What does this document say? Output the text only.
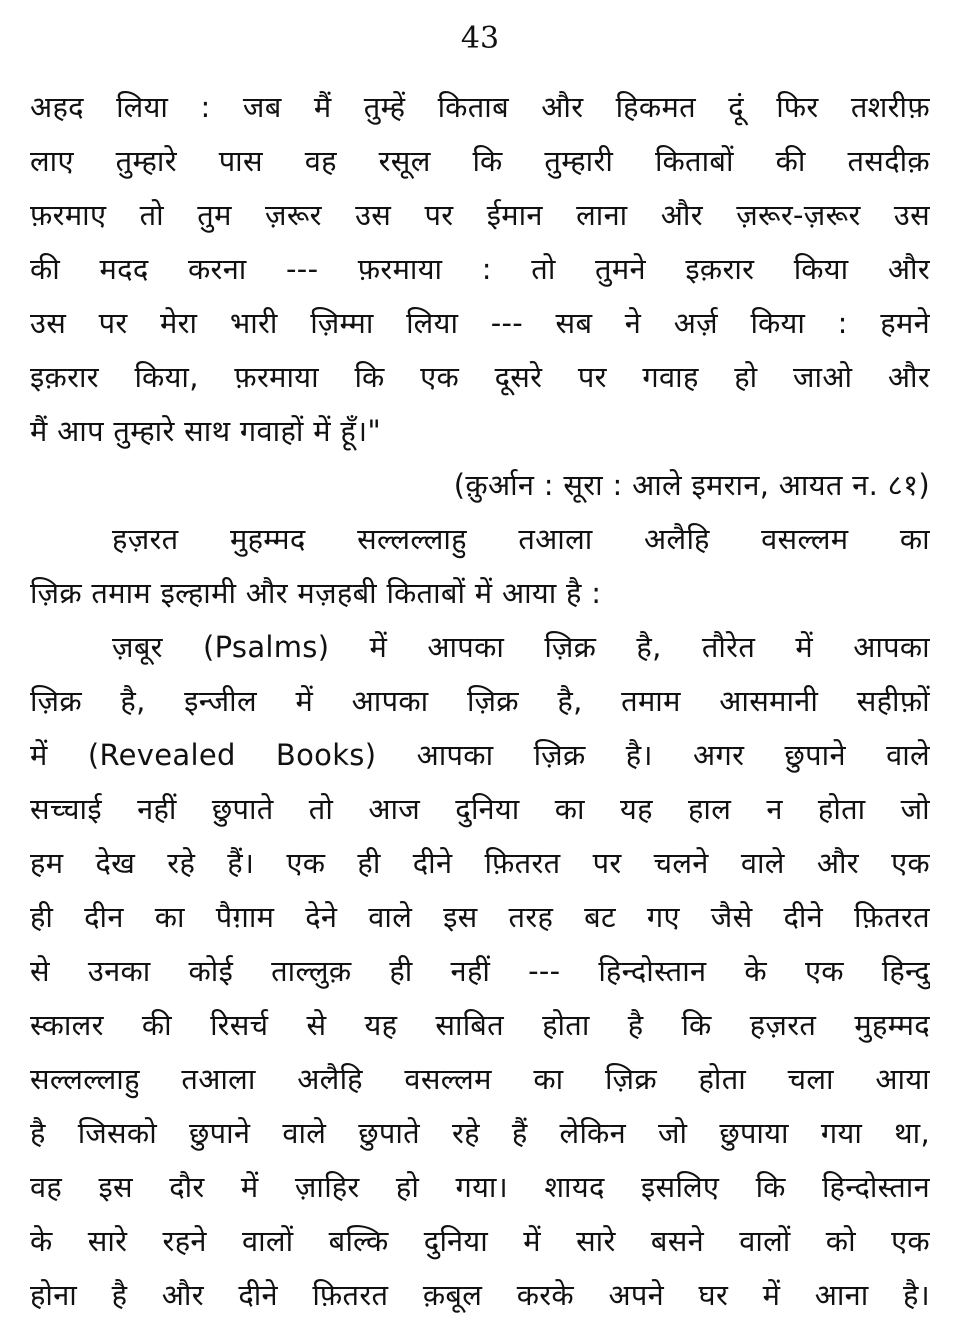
43
अहद लिया : जब मैं तुम्हें किताब और हिकमत दूं फिर तशरीफ़
लाए तुम्हारे पास वह रसूल कि तुम्हारी किताबों की तसदीक़
फ़रमाए तो तुम ज़रूर उस पर ईमान लाना और ज़रूर-ज़रूर उस
की मदद करना --- फ़रमाया : तो तुमने इक़रार किया और
उस पर मेरा भारी ज़िम्मा लिया --- सब ने अर्ज़ किया : हमने
इक़रार किया, फ़रमाया कि एक दूसरे पर गवाह हो जाओ और
मैं आप तुम्हारे साथ गवाहों में हूँ।"
(क़ुर्आन : सूरा : आले इमरान, आयत न. ८१)
हज़रत मुहम्मद सल्लल्लाहु तआला अलैहि वसल्लम का
ज़िक्र तमाम इल्हामी और मज़हबी किताबों में आया है :
ज़बूर (Psalms) में आपका ज़िक्र है, तौरेत में आपका
ज़िक्र है, इन्जील में आपका ज़िक्र है, तमाम आसमानी सहीफ़ों
में (Revealed Books) आपका ज़िक्र है। अगर छुपाने वाले
सच्चाई नहीं छुपाते तो आज दुनिया का यह हाल न होता जो
हम देख रहे हैं। एक ही दीने फ़ितरत पर चलने वाले और एक
ही दीन का पैग़ाम देने वाले इस तरह बट गए जैसे दीने फ़ितरत
से उनका कोई ताल्लुक़ ही नहीं --- हिन्दोस्तान के एक हिन्दु
स्कालर की रिसर्च से यह साबित होता है कि हज़रत मुहम्मद
सल्लल्लाहु तआला अलैहि वसल्लम का ज़िक्र होता चला आया
है जिसको छुपाने वाले छुपाते रहे हैं लेकिन जो छुपाया गया था,
वह इस दौर में ज़ाहिर हो गया। शायद इसलिए कि हिन्दोस्तान
के सारे रहने वालों बल्कि दुनिया में सारे बसने वालों को एक
होना है और दीने फ़ितरत क़बूल करके अपने घर में आना है।
